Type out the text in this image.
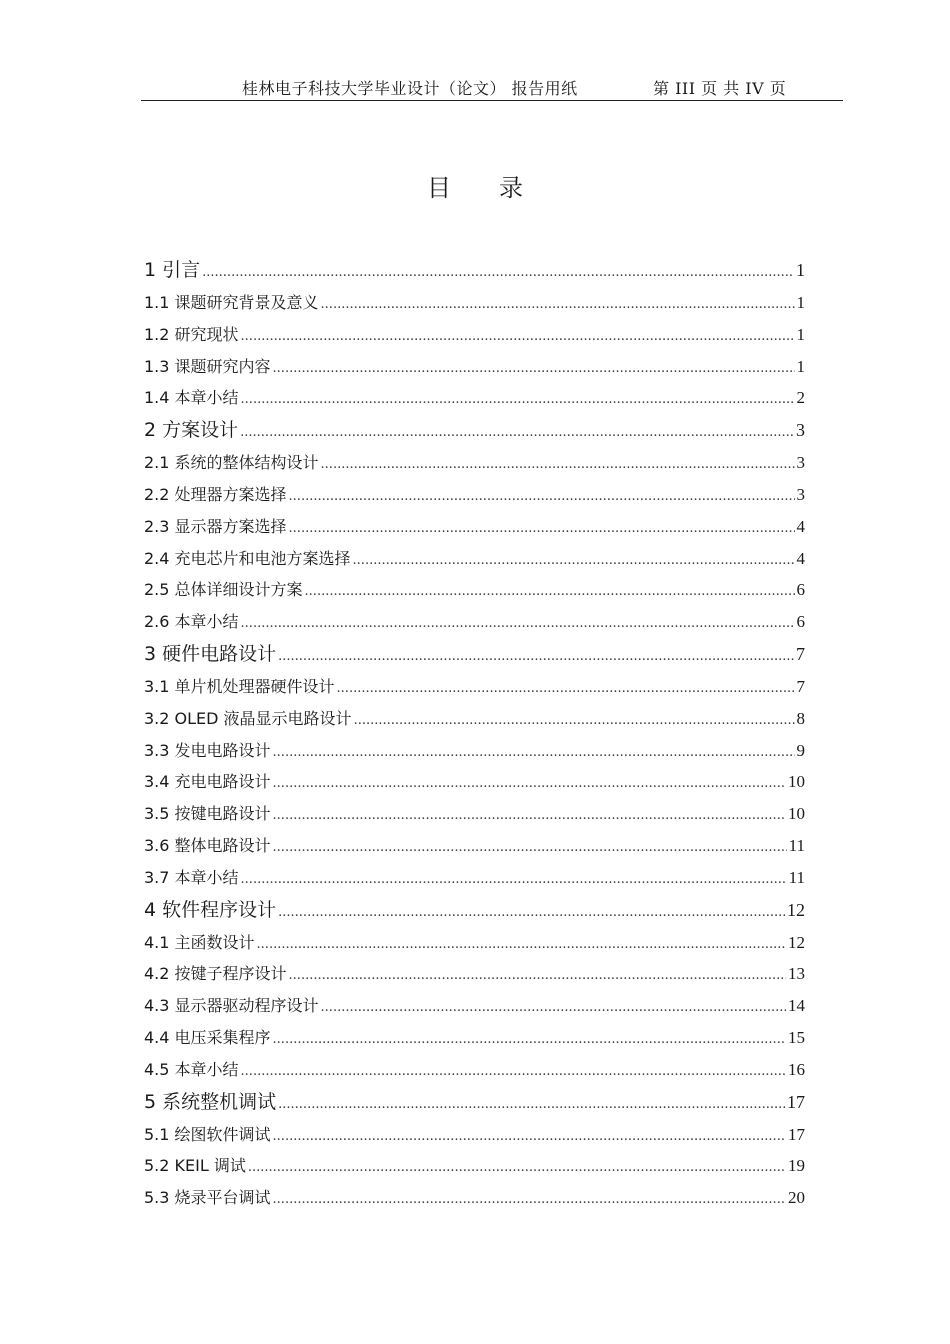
桂林电子科技大学毕业设计（论文） 报告用纸	第 III 页 共 IV 页
目录
1 引言 .....	1
1.1 课题研究背景及意义 .....	1
1.2 研究现状 .....	1
1.3 课题研究内容 .....	1
1.4 本章小结 .....	2
2 方案设计 .....	3
2.1 系统的整体结构设计 .....	3
2.2 处理器方案选择 .....	3
2.3 显示器方案选择 .....	4
2.4 充电芯片和电池方案选择 .....	4
2.5 总体详细设计方案 .....	6
2.6 本章小结 .....	6
3 硬件电路设计 .....	7
3.1 单片机处理器硬件设计 .....	7
3.2 OLED 液晶显示电路设计 .....	8
3.3 发电电路设计 .....	9
3.4 充电电路设计 .....	10
3.5 按键电路设计 .....	10
3.6 整体电路设计 .....	11
3.7 本章小结 .....	11
4 软件程序设计 .....	12
4.1 主函数设计 .....	12
4.2 按键子程序设计 .....	13
4.3 显示器驱动程序设计 .....	14
4.4 电压采集程序 .....	15
4.5 本章小结 .....	16
5 系统整机调试 .....	17
5.1 绘图软件调试 .....	17
5.2 KEIL 调试 .....	19
5.3 烧录平台调试 .....	20
